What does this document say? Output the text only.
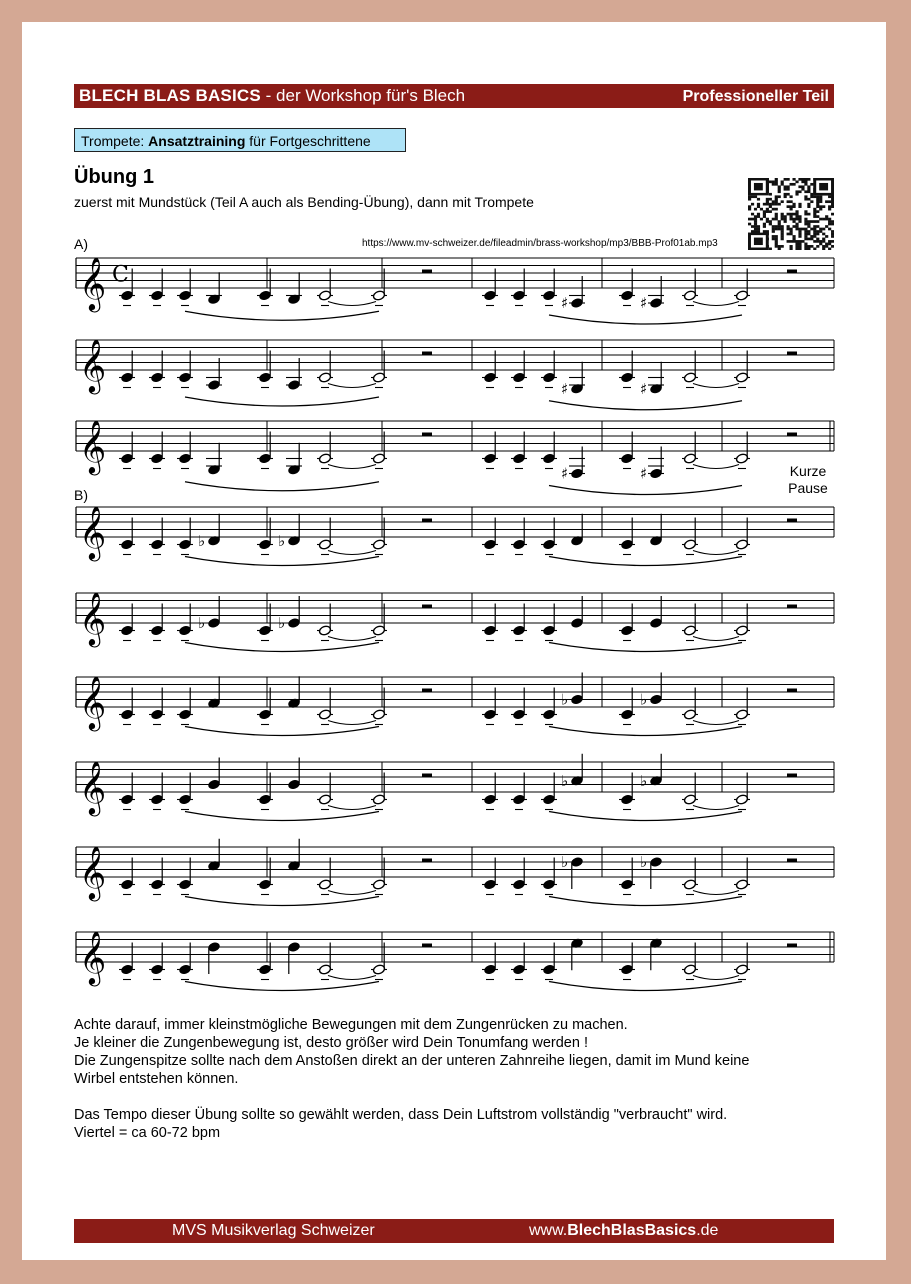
BLECH BLAS BASICS - der Workshop für's Blech	Professioneller Teil
Trompete: Ansatztraining für Fortgeschrittene
Übung 1
zuerst mit Mundstück (Teil A auch als Bending-Übung), dann mit Trompete
https://www.mv-schweizer.de/fileadmin/brass-workshop/mp3/BBB-Prof01ab.mp3
A)
B)
Kurze
Pause
𝄞 C
♯	♯
𝄞	♯	♯
𝄞
♯	♯
𝄞	♭	♭
𝄞	♭	♭
𝄞	♭	♭
𝄞	♭	♭
𝄞	♭	♭
𝄞

Achte darauf, immer kleinstmögliche Bewegungen mit dem Zungenrücken zu machen.

Je kleiner die Zungenbewegung ist, desto größer wird Dein Tonumfang werden !

Die Zungenspitze sollte nach dem Anstoßen direkt an der unteren Zahnreihe liegen, damit im Mund keine

Wirbel entstehen können.

Das Tempo dieser Übung sollte so gewählt werden, dass Dein Luftstrom vollständig "verbraucht" wird.

Viertel = ca 60-72 bpm

MVS Musikverlag Schweizer	www.BlechBlasBasics.de
